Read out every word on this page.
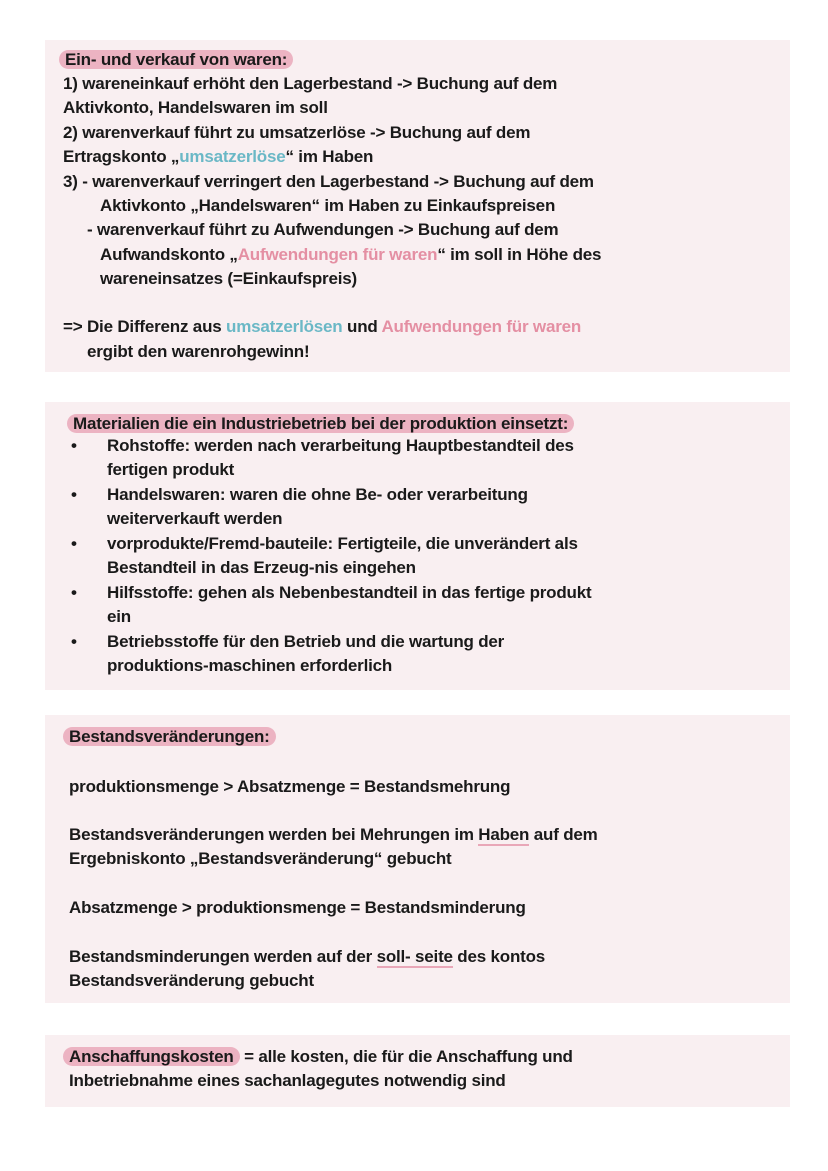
Ein- und verkauf von waren:
1) wareneinkauf erhöht den Lagerbestand -> Buchung auf dem
Aktivkonto, Handelswaren im soll
2) warenverkauf führt zu umsatzerlöse -> Buchung auf dem
Ertragskonto „umsatzerlöse“ im Haben
3) - warenverkauf verringert den Lagerbestand -> Buchung auf dem
Aktivkonto „Handelswaren“ im Haben zu Einkaufspreisen
- warenverkauf führt zu Aufwendungen -> Buchung auf dem
Aufwandskonto „Aufwendungen für waren“ im soll in Höhe des
wareneinsatzes (=Einkaufspreis)
=> Die Differenz aus umsatzerlösen und Aufwendungen für waren
ergibt den warenrohgewinn!
Materialien die ein Industriebetrieb bei der produktion einsetzt:
• Rohstoffe: werden nach verarbeitung Hauptbestandteil des
fertigen produkt
• Handelswaren: waren die ohne Be- oder verarbeitung
weiterverkauft werden
• vorprodukte/Fremd-bauteile: Fertigteile, die unverändert als
Bestandteil in das Erzeug-nis eingehen
• Hilfsstoffe: gehen als Nebenbestandteil in das fertige produkt
ein
• Betriebsstoffe für den Betrieb und die wartung der
produktions-maschinen erforderlich
Bestandsveränderungen:
produktionsmenge > Absatzmenge = Bestandsmehrung
Bestandsveränderungen werden bei Mehrungen im Haben auf dem
Ergebniskonto „Bestandsveränderung“ gebucht
Absatzmenge > produktionsmenge = Bestandsminderung
Bestandsminderungen werden auf der soll- seite des kontos
Bestandsveränderung gebucht
Anschaffungskosten = alle kosten, die für die Anschaffung und
Inbetriebnahme eines sachanlagegutes notwendig sind
